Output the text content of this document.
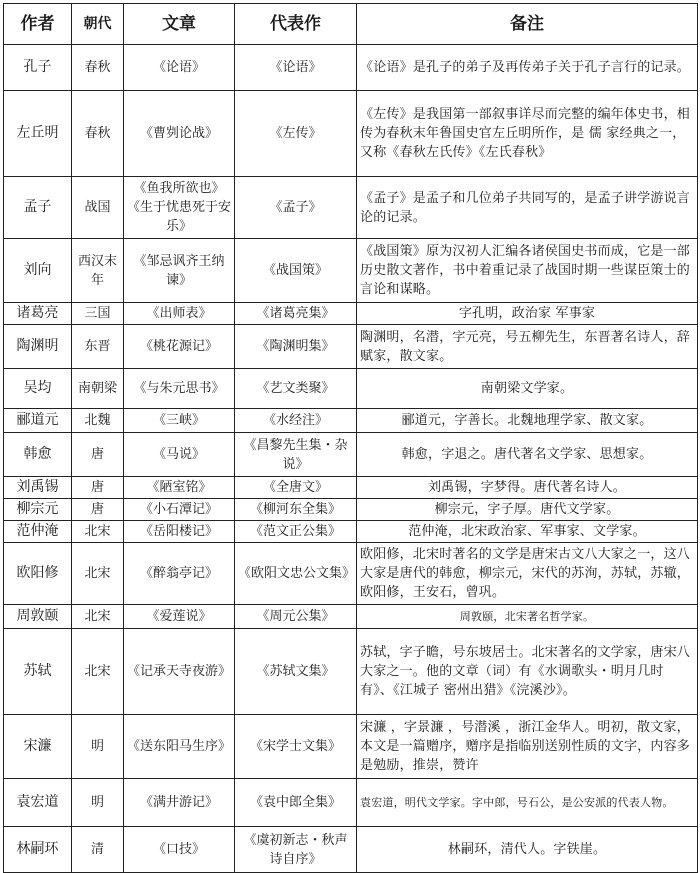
作者	朝代	文章	代表作	备注
孔子	春秋	《论语》	《论语》	《论语》是孔子的弟子及再传弟子关于孔子言行的记录。
左丘明	春秋	《曹刿论战》	《左传》	《左传》是我国第一部叙事详尽而完整的编年体史书，相传为春秋末年鲁国史官左丘明所作，是 儒 家经典之一，又称《春秋左氏传》《左氏春秋》
孟子	战国	《鱼我所欲也》《生于忧患死于安乐》	《孟子》	《孟子》是孟子和几位弟子共同写的，是孟子讲学游说言论的记录。
刘向	西汉末年	《邹忌讽齐王纳谏》	《战国策》	《战国策》原为汉初人汇编各诸侯国史书而成，它是一部历史散文著作，书中着重记录了战国时期一些谋臣策士的言论和谋略。
诸葛亮	三国	《出师表》	《诸葛亮集》	字孔明，政治家 军事家
陶渊明	东晋	《桃花源记》	《陶渊明集》	陶渊明，名潜，字元亮，号五柳先生，东晋著名诗人，辞赋家，散文家。
吴均	南朝梁	《与朱元思书》	《艺文类聚》	南朝梁文学家。
郦道元	北魏	《三峡》	《水经注》	郦道元，字善长。北魏地理学家、散文家。
韩愈	唐	《马说》	《昌黎先生集・杂说》	韩愈，字退之。唐代著名文学家、思想家。
刘禹锡	唐	《陋室铭》	《全唐文》	刘禹锡，字梦得。唐代著名诗人。
柳宗元	唐	《小石潭记》	《柳河东全集》	柳宗元，字子厚。唐代文学家。
范仲淹	北宋	《岳阳楼记》	《范文正公集》	范仲淹，北宋政治家、军事家、文学家。
欧阳修	北宋	《醉翁亭记》	《欧阳文忠公文集》	欧阳修，北宋时著名的文学是唐宋古文八大家之一，这八大家是唐代的韩愈，柳宗元，宋代的苏洵，苏轼，苏辙，欧阳修，王安石，曾巩。
周敦颐	北宋	《爱莲说》	《周元公集》	周敦颐，北宋著名哲学家。
苏轼	北宋	《记承天寺夜游》	《苏轼文集》	苏轼，字子瞻，号东坡居士。北宋著名的文学家，唐宋八大家之一。他的文章（词）有《水调歌头・明月几时有》、《江城子 密州出猎》《浣溪沙》。
宋濂	明	《送东阳马生序》	《宋学士文集》	宋濂 ，字景濂 ，号潜溪 ，浙江金华人。明初，散文家，本文是一篇赠序，赠序是指临别送别性质的文字，内容多是勉励，推崇，赞许
袁宏道	明	《满井游记》	《袁中郎全集》	袁宏道，明代文学家。字中郎，号石公，是公安派的代表人物。
林嗣环	清	《口技》	《虞初新志・秋声诗自序》	林嗣环，清代人。字铁崖。
